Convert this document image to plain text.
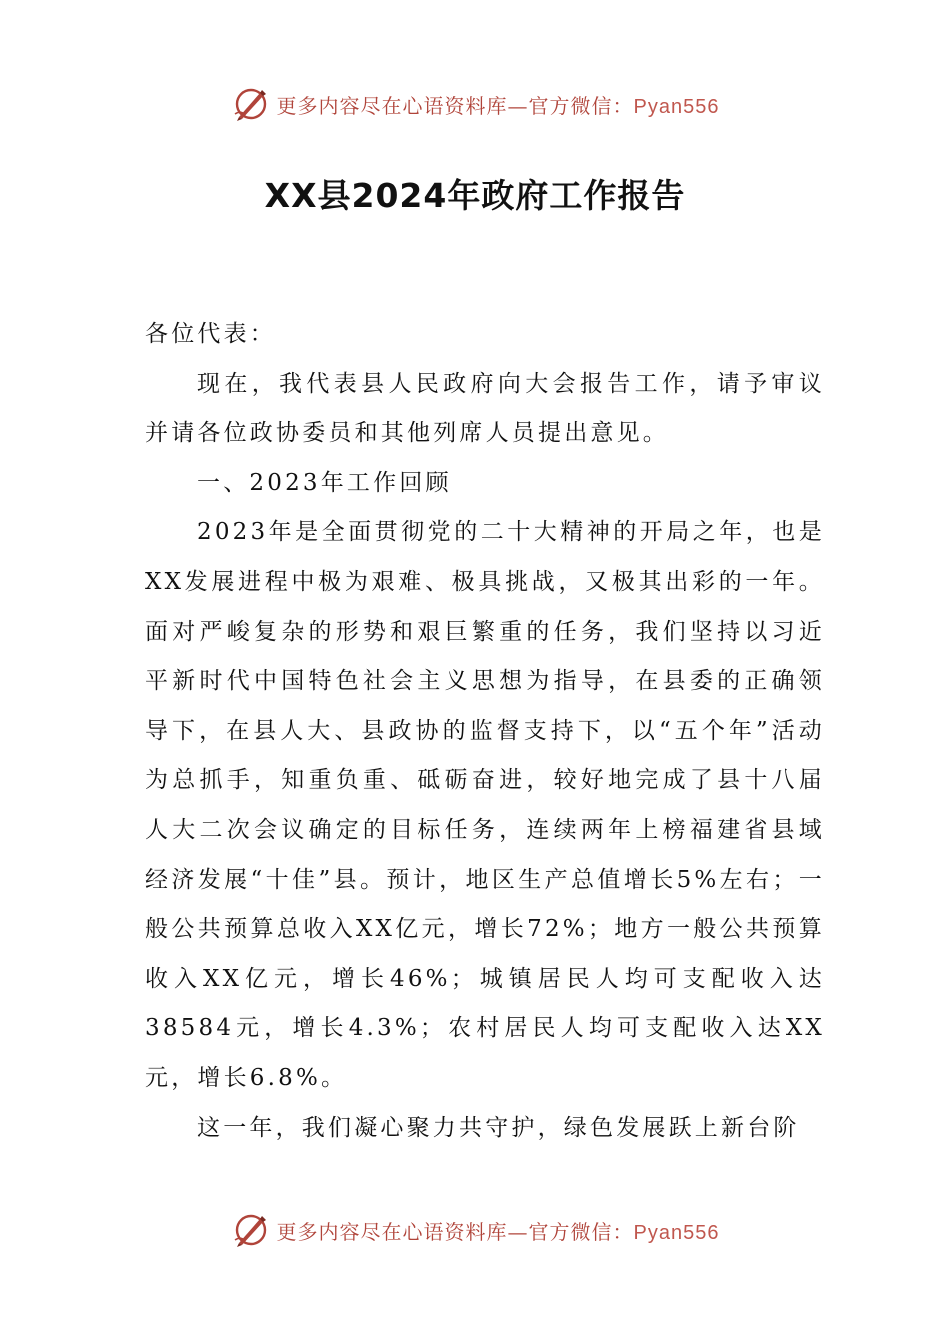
更多内容尽在心语资料库—官方微信：Pyan556
XX县2024年政府工作报告

各位代表：

现在，我代表县人民政府向大会报告工作，请予审议并请各位政协委员和其他列席人员提出意见。

一、2023年工作回顾

2023年是全面贯彻党的二十大精神的开局之年，也是XX发展进程中极为艰难、极具挑战，又极其出彩的一年。面对严峻复杂的形势和艰巨繁重的任务，我们坚持以习近平新时代中国特色社会主义思想为指导，在县委的正确领导下，在县人大、县政协的监督支持下，以“五个年”活动为总抓手，知重负重、砥砺奋进，较好地完成了县十八届人大二次会议确定的目标任务，连续两年上榜福建省县域经济发展“十佳”县。预计，地区生产总值增长5%左右；一般公共预算总收入XX亿元，增长72%；地方一般公共预算收入XX亿元，增长46%；城镇居民人均可支配收入达38584元，增长4.3%；农村居民人均可支配收入达XX元，增长6.8%。

这一年，我们凝心聚力共守护，绿色发展跃上新台阶

更多内容尽在心语资料库—官方微信：Pyan556
